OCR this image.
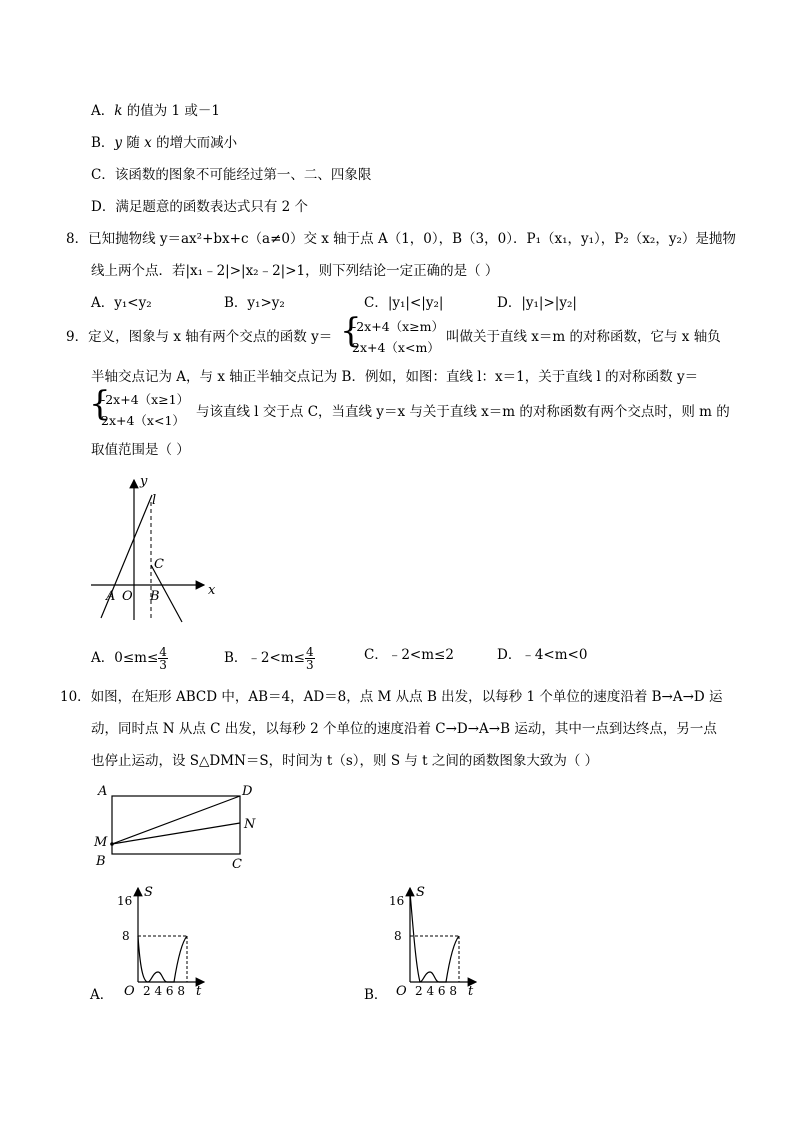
A．k 的值为 1 或－1
B．y 随 x 的增大而减小
C．该函数的图象不可能经过第一、二、四象限
D．满足题意的函数表达式只有 2 个
8．已知抛物线 y＝ax²+bx+c（a≠0）交 x 轴于点 A（1，0），B（3，0）．P₁（x₁，y₁），P₂（x₂，y₂）是抛物
线上两个点．若|x₁﹣2|>|x₂﹣2|>1，则下列结论一定正确的是（ ）
A．y₁<y₂	B．y₁>y₂	C．|y₁|<|y₂|	D．|y₁|>|y₂|
9．定义，图象与 x 轴有两个交点的函数 y＝ {
-2x+4（x≥m）
2x+4（x<m）
叫做关于直线 x＝m 的对称函数，它与 x 轴负
半轴交点记为 A，与 x 轴正半轴交点记为 B．例如，如图：直线 l：x＝1，关于直线 l 的对称函数 y＝
{
-2x+4（x≥1）
2x+4（x<1）
与该直线 l 交于点 C，当直线 y＝x 与关于直线 x＝m 的对称函数有两个交点时，则 m 的
取值范围是（ ）
y
x
l
C
A O B
A．$0\le m\le \frac{4}{3}$	B．﹣2<m≤ $\frac{4}{3}$	C．﹣2<m≤2	D．﹣4<m<0
10．如图，在矩形 ABCD 中，AB＝4，AD＝8，点 M 从点 B 出发，以每秒 1 个单位的速度沿着 B→A→D 运
动，同时点 N 从点 C 出发，以每秒 2 个单位的速度沿着 C→D→A→B 运动，其中一点到达终点，另一点
也停止运动，设 S△DMN＝S，时间为 t（s），则 S 与 t 之间的函数图象大致为（ ）
A	D
M
N
B	C
A．
S
16
8
O 2 4 6 8 t	B．
S
16
8
O 2 4 6 8 t
